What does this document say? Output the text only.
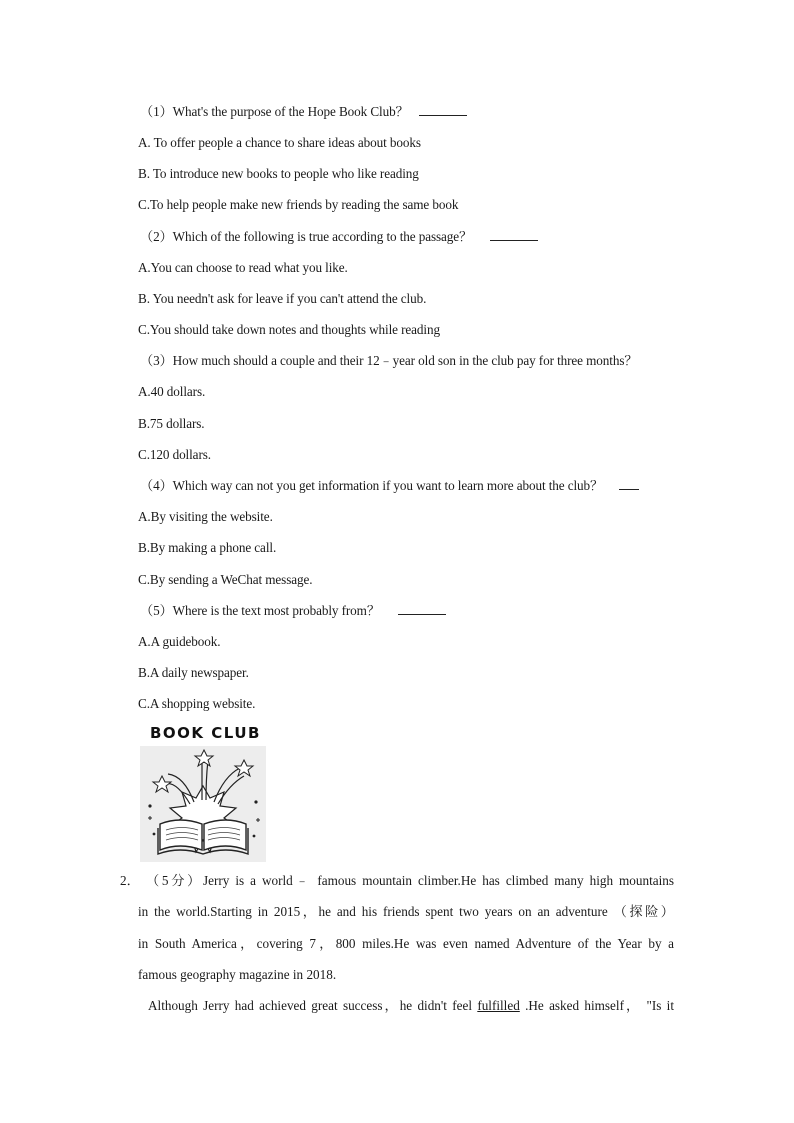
（1）What's the purpose of the Hope Book Club？
A. To offer people a chance to share ideas about books
B. To introduce new books to people who like reading
C.To help people make new friends by reading the same book
（2）Which of the following is true according to the passage？
A.You can choose to read what you like.
B. You needn't ask for leave if you can't attend the club.
C.You should take down notes and thoughts while reading
（3）How much should a couple and their 12﹣year old son in the club pay for three months？
A.40 dollars.
B.75 dollars.
C.120 dollars.
（4）Which way can not you get information if you want to learn more about the club？
A.By visiting the website.
B.By making a phone call.
C.By sending a WeChat message.
（5）Where is the text most probably from？
A.A guidebook.
B.A daily newspaper.
C.A shopping website.
BOOK CLUB
2． （5分）Jerry is a world﹣ famous mountain climber.He has climbed many high mountains
in the world.Starting in 2015，he and his friends spent two years on an adventure （探险）
in South America，covering 7，800 miles.He was even named Adventure of the Year by a
famous geography magazine in 2018.
Although Jerry had achieved great success，he didn't feel fulfilled .He asked himself， "Is it
